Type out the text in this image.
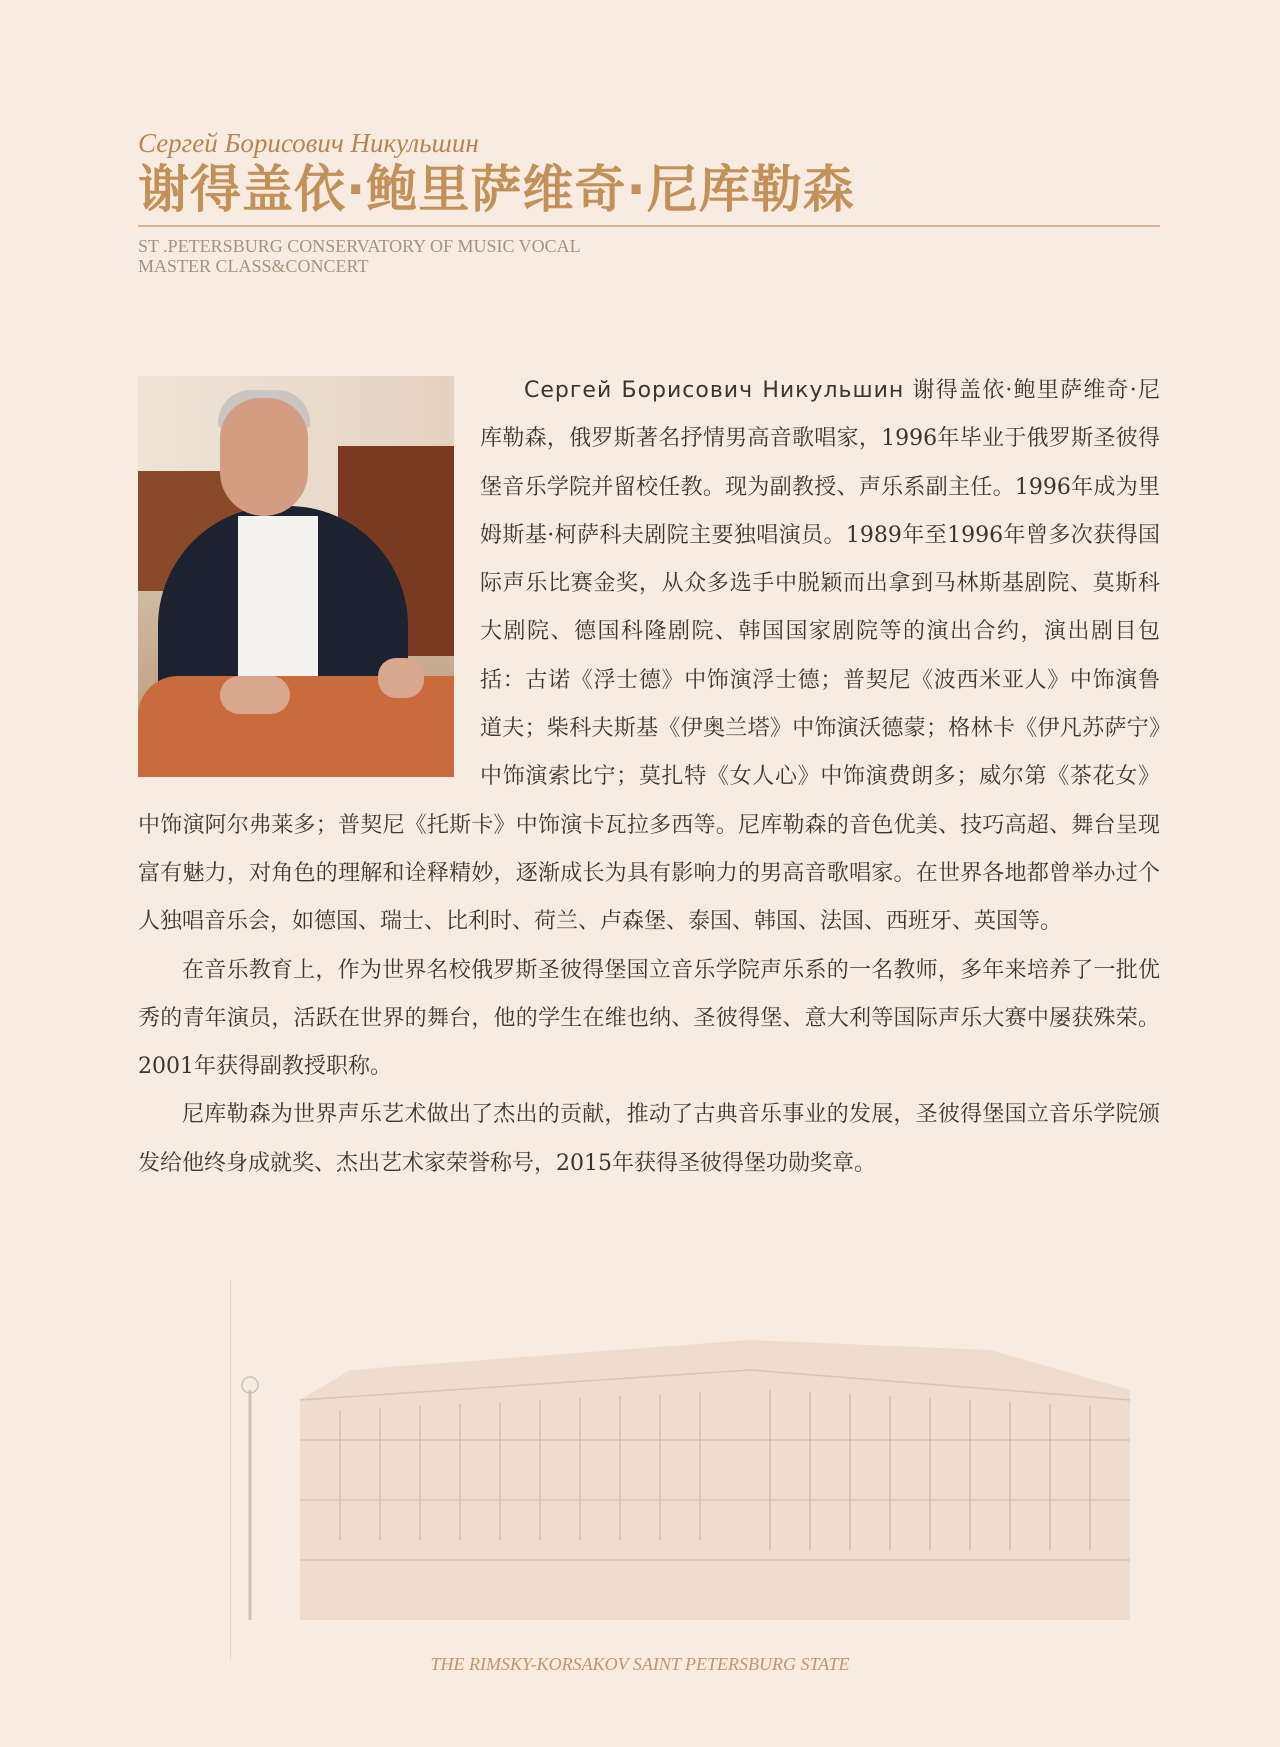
Сергей Борисович Никульшин

谢得盖依·鲍里萨维奇·尼库勒森

ST .PETERSBURG CONSERVATORY OF MUSIC VOCAL
MASTER CLASS&CONCERT

Сергей Борисович Никульшин 谢得盖依·鲍里萨维奇·尼库勒森，俄罗斯著名抒情男高音歌唱家，1996年毕业于俄罗斯圣彼得堡音乐学院并留校任教。现为副教授、声乐系副主任。1996年成为里姆斯基·柯萨科夫剧院主要独唱演员。1989年至1996年曾多次获得国际声乐比赛金奖，从众多选手中脱颖而出拿到马林斯基剧院、莫斯科大剧院、德国科隆剧院、韩国国家剧院等的演出合约，演出剧目包括：古诺《浮士德》中饰演浮士德；普契尼《波西米亚人》中饰演鲁道夫；柴科夫斯基《伊奥兰塔》中饰演沃德蒙；格林卡《伊凡苏萨宁》中饰演索比宁；莫扎特《女人心》中饰演费朗多；威尔第《茶花女》中饰演阿尔弗莱多；普契尼《托斯卡》中饰演卡瓦拉多西等。尼库勒森的音色优美、技巧高超、舞台呈现富有魅力，对角色的理解和诠释精妙，逐渐成长为具有影响力的男高音歌唱家。在世界各地都曾举办过个人独唱音乐会，如德国、瑞士、比利时、荷兰、卢森堡、泰国、韩国、法国、西班牙、英国等。

在音乐教育上，作为世界名校俄罗斯圣彼得堡国立音乐学院声乐系的一名教师，多年来培养了一批优秀的青年演员，活跃在世界的舞台，他的学生在维也纳、圣彼得堡、意大利等国际声乐大赛中屡获殊荣。2001年获得副教授职称。

尼库勒森为世界声乐艺术做出了杰出的贡献，推动了古典音乐事业的发展，圣彼得堡国立音乐学院颁发给他终身成就奖、杰出艺术家荣誉称号，2015年获得圣彼得堡功勋奖章。

THE RIMSKY-KORSAKOV SAINT PETERSBURG STATE
